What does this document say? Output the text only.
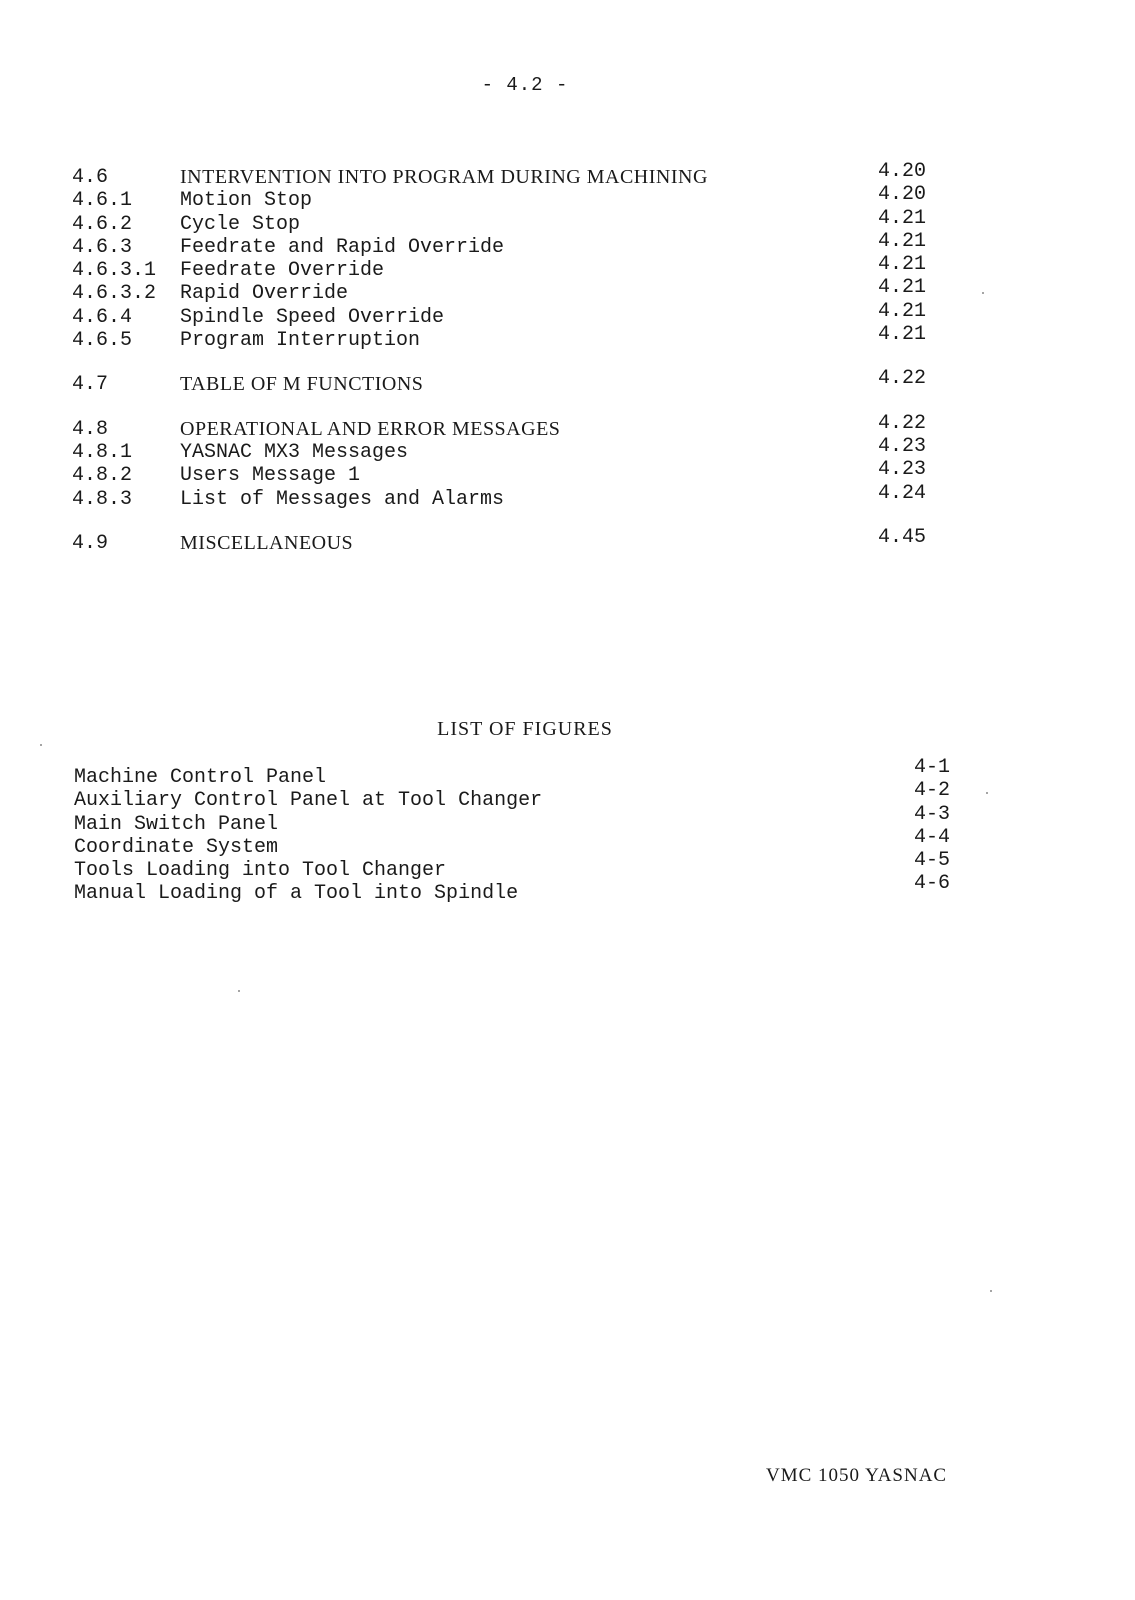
- 4.2 -
4.6	INTERVENTION INTO PROGRAM DURING MACHINING	4.20
4.6.1 Motion Stop	4.20
4.6.2 Cycle Stop	4.21
4.6.3 Feedrate and Rapid Override	4.21
4.6.3.1 Feedrate Override	4.21
4.6.3.2 Rapid Override	4.21
4.6.4 Spindle Speed Override	4.21
4.6.5 Program Interruption	4.21
4.7	TABLE OF M FUNCTIONS	4.22
4.8	OPERATIONAL AND ERROR MESSAGES	4.22
4.8.1 YASNAC MX3 Messages	4.23
4.8.2 Users Message 1	4.23
4.8.3 List of Messages and Alarms	4.24
4.9	MISCELLANEOUS	4.45
LIST OF FIGURES
Machine Control Panel	4-1
Auxiliary Control Panel at Tool Changer	4-2
Main Switch Panel	4-3
Coordinate System	4-4
Tools Loading into Tool Changer	4-5
Manual Loading of a Tool into Spindle	4-6
VMC 1050 YASNAC
